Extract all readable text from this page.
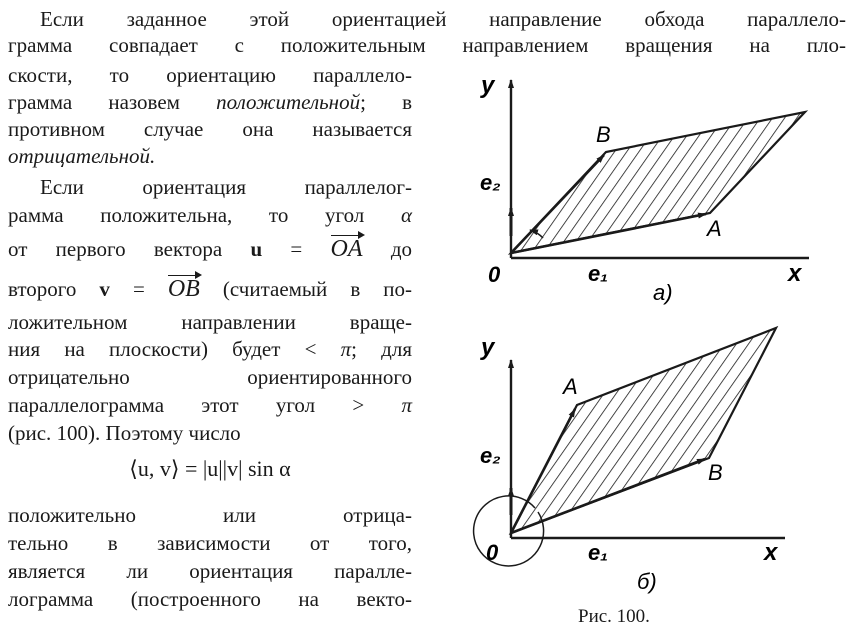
Если заданное этой ориентацией направление обхода параллело-
грамма совпадает с положительным направлением вращения на пло-
скости, то ориентацию параллело-
грамма назовем положительной; в
противном случае она называется
отрицательной.
Если ориентация параллелог-
рамма положительна, то угол α
от первого вектора u = OA до
второго v = OB (считаемый в по-
ложительном направлении враще-
ния на плоскости) будет < π; для
отрицательно ориентированного
параллелограмма этот угол > π
(рис. 100). Поэтому число
⟨u, v⟩ = |u||v| sin α
положительно или отрица-
тельно в зависимости от того,
является ли ориентация паралле-
лограмма (построенного на векто-
y
x
0	e₁
e₂
A
B
а)
y
x
0	e₁
e₂
A
B
б)
Рис. 100.
